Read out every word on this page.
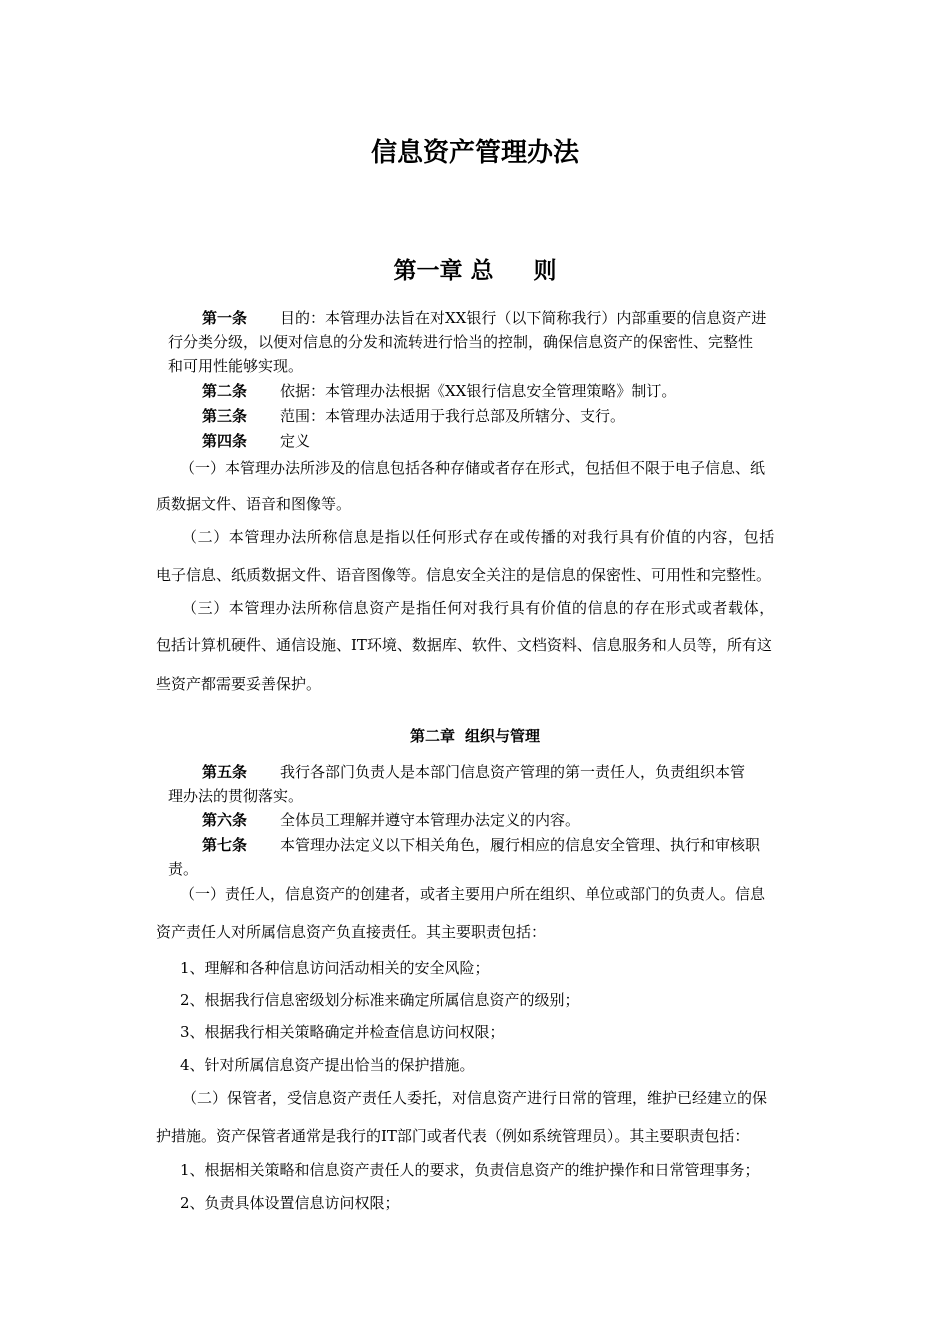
信息资产管理办法
第一章 总 则
第一条 目的：本管理办法旨在对XX银行（以下简称我行）内部重要的信息资产进
行分类分级，以便对信息的分发和流转进行恰当的控制，确保信息资产的保密性、完整性
和可用性能够实现。
第二条 依据：本管理办法根据《XX银行信息安全管理策略》制订。
第三条 范围：本管理办法适用于我行总部及所辖分、支行。
第四条 定义
（一）本管理办法所涉及的信息包括各种存储或者存在形式，包括但不限于电子信息、纸
质数据文件、语音和图像等。
（二）本管理办法所称信息是指以任何形式存在或传播的对我行具有价值的内容，包括
电子信息、纸质数据文件、语音图像等。信息安全关注的是信息的保密性、可用性和完整性。
（三）本管理办法所称信息资产是指任何对我行具有价值的信息的存在形式或者载体，
包括计算机硬件、通信设施、IT环境、数据库、软件、文档资料、信息服务和人员等，所有这
些资产都需要妥善保护。
第二章 组织与管理
第五条 我行各部门负责人是本部门信息资产管理的第一责任人，负责组织本管
理办法的贯彻落实。
第六条 全体员工理解并遵守本管理办法定义的内容。
第七条 本管理办法定义以下相关角色，履行相应的信息安全管理、执行和审核职
责。
（一）责任人，信息资产的创建者，或者主要用户所在组织、单位或部门的负责人。信息
资产责任人对所属信息资产负直接责任。其主要职责包括：
1、理解和各种信息访问活动相关的安全风险；
2、根据我行信息密级划分标准来确定所属信息资产的级别；
3、根据我行相关策略确定并检查信息访问权限；
4、针对所属信息资产提出恰当的保护措施。
（二）保管者，受信息资产责任人委托，对信息资产进行日常的管理，维护已经建立的保
护措施。资产保管者通常是我行的IT部门或者代表（例如系统管理员）。其主要职责包括：
1、根据相关策略和信息资产责任人的要求，负责信息资产的维护操作和日常管理事务；
2、负责具体设置信息访问权限；
